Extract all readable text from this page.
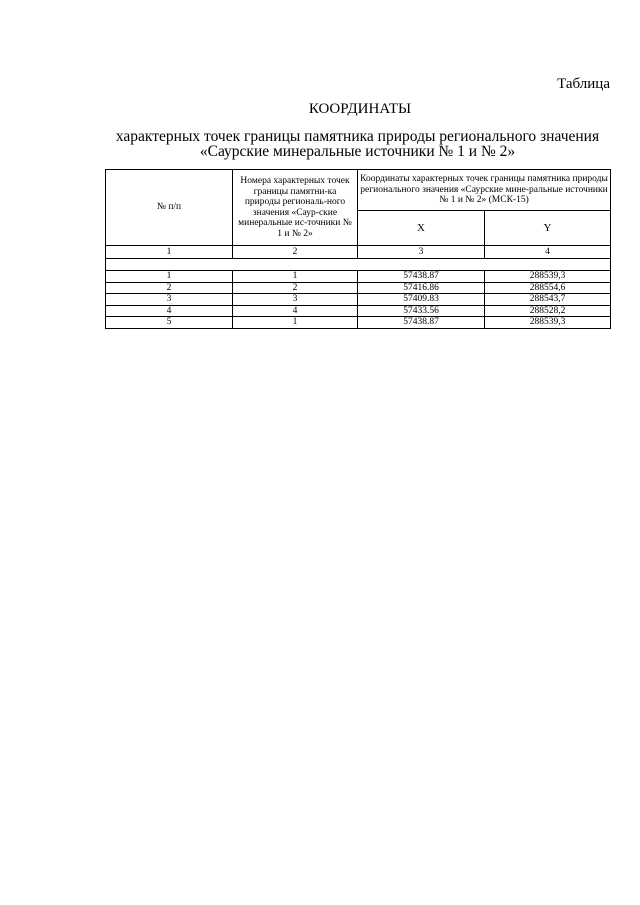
Таблица
КООРДИНАТЫ
характерных точек границы памятника природы регионального значения
«Саурские минеральные источники № 1 и № 2»
№ п/п	Номера характерных точек границы памятни-ка природы региональ-ного значения «Саур-ские минеральные ис-точники № 1 и № 2»	Координаты характерных точек границы памятника природы регионального значения «Саурские мине-ральные источники № 1 и № 2» (МСК-15)	
		X	Y
1	2	3	4

1	1	57438.87	288539,3
2	2	57416.86	288554,6
3	3	57409.83	288543,7
4	4	57433.56	288528,2
5	1	57438.87	288539,3
